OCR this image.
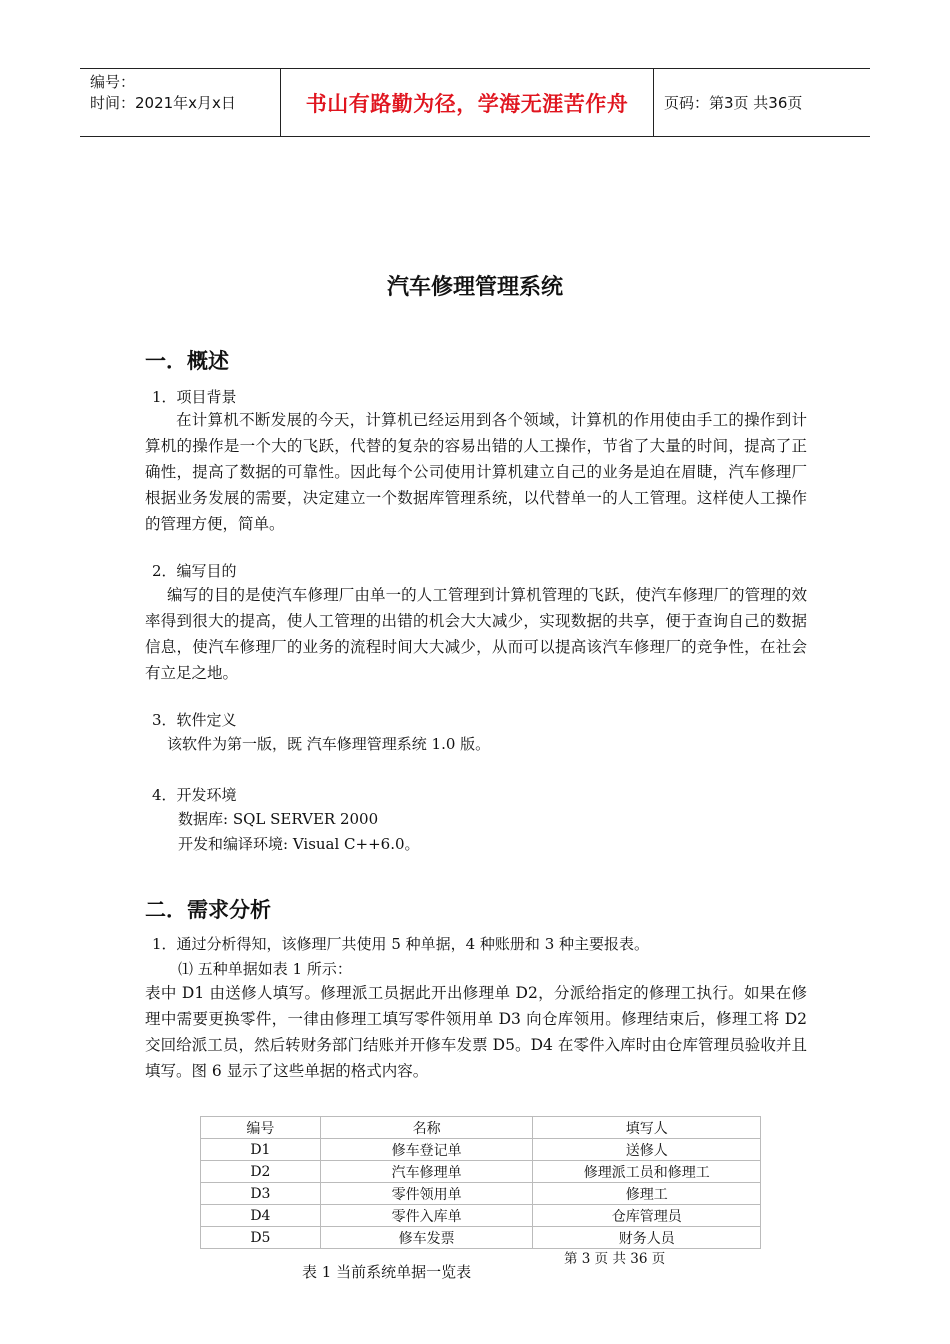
编号：
时间：2021年x月x日	书山有路勤为径，学海无涯苦作舟 页码：第3页 共36页
汽车修理管理系统
一．概述
1．项目背景
在计算机不断发展的今天，计算机已经运用到各个领域，计算机的作用使由手工的操作到计算机的操作是一个大的飞跃，代替的复杂的容易出错的人工操作，节省了大量的时间，提高了正确性，提高了数据的可靠性。因此每个公司使用计算机建立自己的业务是迫在眉睫，汽车修理厂根据业务发展的需要，决定建立一个数据库管理系统，以代替单一的人工管理。这样使人工操作的管理方便，简单。
2．编写目的
编写的目的是使汽车修理厂由单一的人工管理到计算机管理的飞跃，使汽车修理厂的管理的效率得到很大的提高，使人工管理的出错的机会大大减少，实现数据的共享，便于查询自己的数据信息，使汽车修理厂的业务的流程时间大大减少，从而可以提高该汽车修理厂的竞争性，在社会有立足之地。
3．软件定义
该软件为第一版，既 汽车修理管理系统 1.0 版。
4．开发环境
数据库: SQL SERVER 2000
开发和编译环境: Visual C++6.0。
二．需求分析
1．通过分析得知，该修理厂共使用 5 种单据，4 种账册和 3 种主要报表。
⑴ 五种单据如表 1 所示：
表中 D1 由送修人填写。修理派工员据此开出修理单 D2，分派给指定的修理工执行。如果在修理中需要更换零件，一律由修理工填写零件领用单 D3 向仓库领用。修理结束后，修理工将 D2 交回给派工员，然后转财务部门结账并开修车发票 D5。D4 在零件入库时由仓库管理员验收并且填写。图 6 显示了这些单据的格式内容。
编号	名称	填写人
D1	修车登记单	送修人
D2	汽车修理单	修理派工员和修理工
D3	零件领用单	修理工
D4	零件入库单	仓库管理员
D5	修车发票	财务人员
第 3 页 共 36 页
表 1 当前系统单据一览表
